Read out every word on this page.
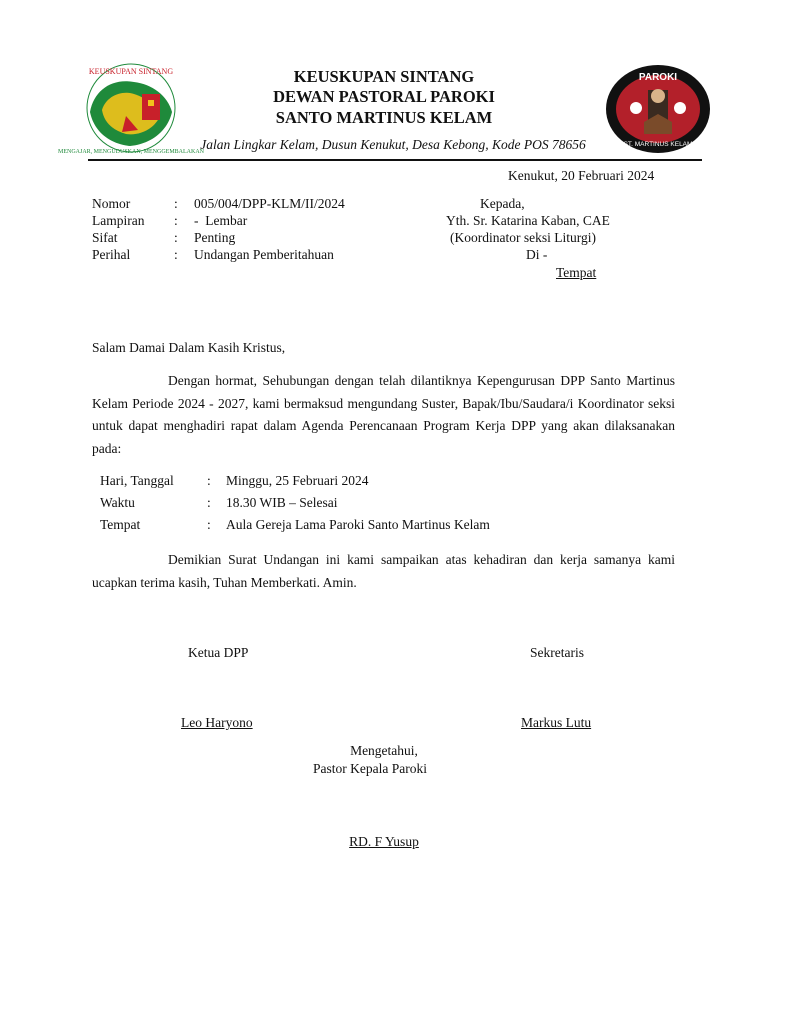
KEUSKUPAN SINTANG
MENGAJAR, MENGUDUSKAN, MENGGEMBALAKAN
PAROKI
ST. MARTINUS KELAM
KEUSKUPAN SINTANG
DEWAN PASTORAL PAROKI
SANTO MARTINUS KELAM
Jalan Lingkar Kelam, Dusun Kenukut, Desa Kebong, Kode POS 78656
Kenukut, 20 Februari 2024
Nomor	: 005/004/DPP-KLM/II/2024
Lampiran : -  Lembar
Sifat	: Penting
Perihal	: Undangan Pemberitahuan
Kepada,
Yth. Sr. Katarina Kaban, CAE
(Koordinator seksi Liturgi)
Di -
Tempat
Salam Damai Dalam Kasih Kristus,
Dengan hormat, Sehubungan dengan telah dilantiknya Kepengurusan DPP Santo Martinus Kelam Periode 2024 - 2027, kami bermaksud mengundang Suster, Bapak/Ibu/Saudara/i Koordinator seksi untuk dapat menghadiri rapat dalam Agenda Perencanaan Program Kerja DPP yang akan dilaksanakan pada:
Hari, Tanggal : Minggu, 25 Februari 2024
Waktu	: 18.30 WIB – Selesai
Tempat	: Aula Gereja Lama Paroki Santo Martinus Kelam
Demikian Surat Undangan ini kami sampaikan atas kehadiran dan kerja samanya kami ucapkan terima kasih, Tuhan Memberkati. Amin.
Ketua DPP	Sekretaris
Leo Haryono	Markus Lutu
Mengetahui,
Pastor Kepala Paroki
RD. F Yusup
